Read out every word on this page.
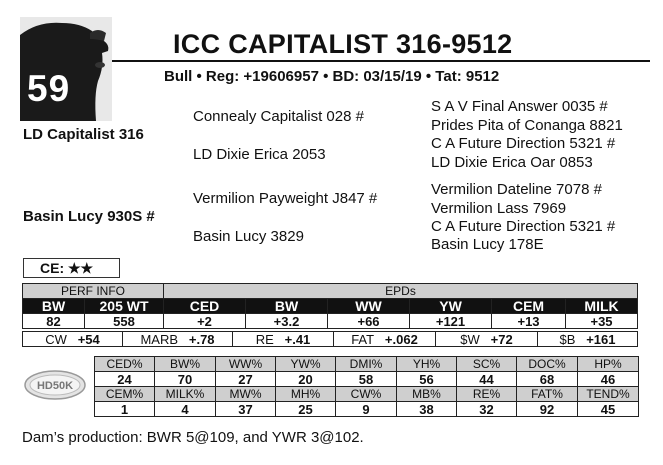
59
ICC CAPITALIST 316-9512
Bull • Reg: +19606957 • BD: 03/15/19 • Tat: 9512
LD Capitalist 316
Basin Lucy 930S #
Connealy Capitalist 028 #
LD Dixie Erica 2053
Vermilion Payweight J847 #
Basin Lucy 3829
S A V Final Answer 0035 #
Prides Pita of Conanga 8821
C A Future Direction 5321 #
LD Dixie Erica Oar 0853
Vermilion Dateline 7078 #
Vermilion Lass 7969
C A Future Direction 5321 #
Basin Lucy 178E
CE: ★★
PERF INFO		EPDs					
BW	205 WT	CED	BW	WW	YW	CEM	MILK
82	558	+2	+3.2	+66	+121	+13	+35
CW +54	MARB +.78	RE +.41	FAT +.062	$W +72	$B +161
HD50K
CED%	BW%	WW%	YW%	DMI%	YH%	SC%	DOC%	HP%
24	70	27	20	58	56	44	68	46
CEM%	MILK%	MW%	MH%	CW%	MB%	RE%	FAT%	TEND%
1	4	37	25	9	38	32	92	45
Dam’s production: BWR 5@109, and YWR 3@102.
